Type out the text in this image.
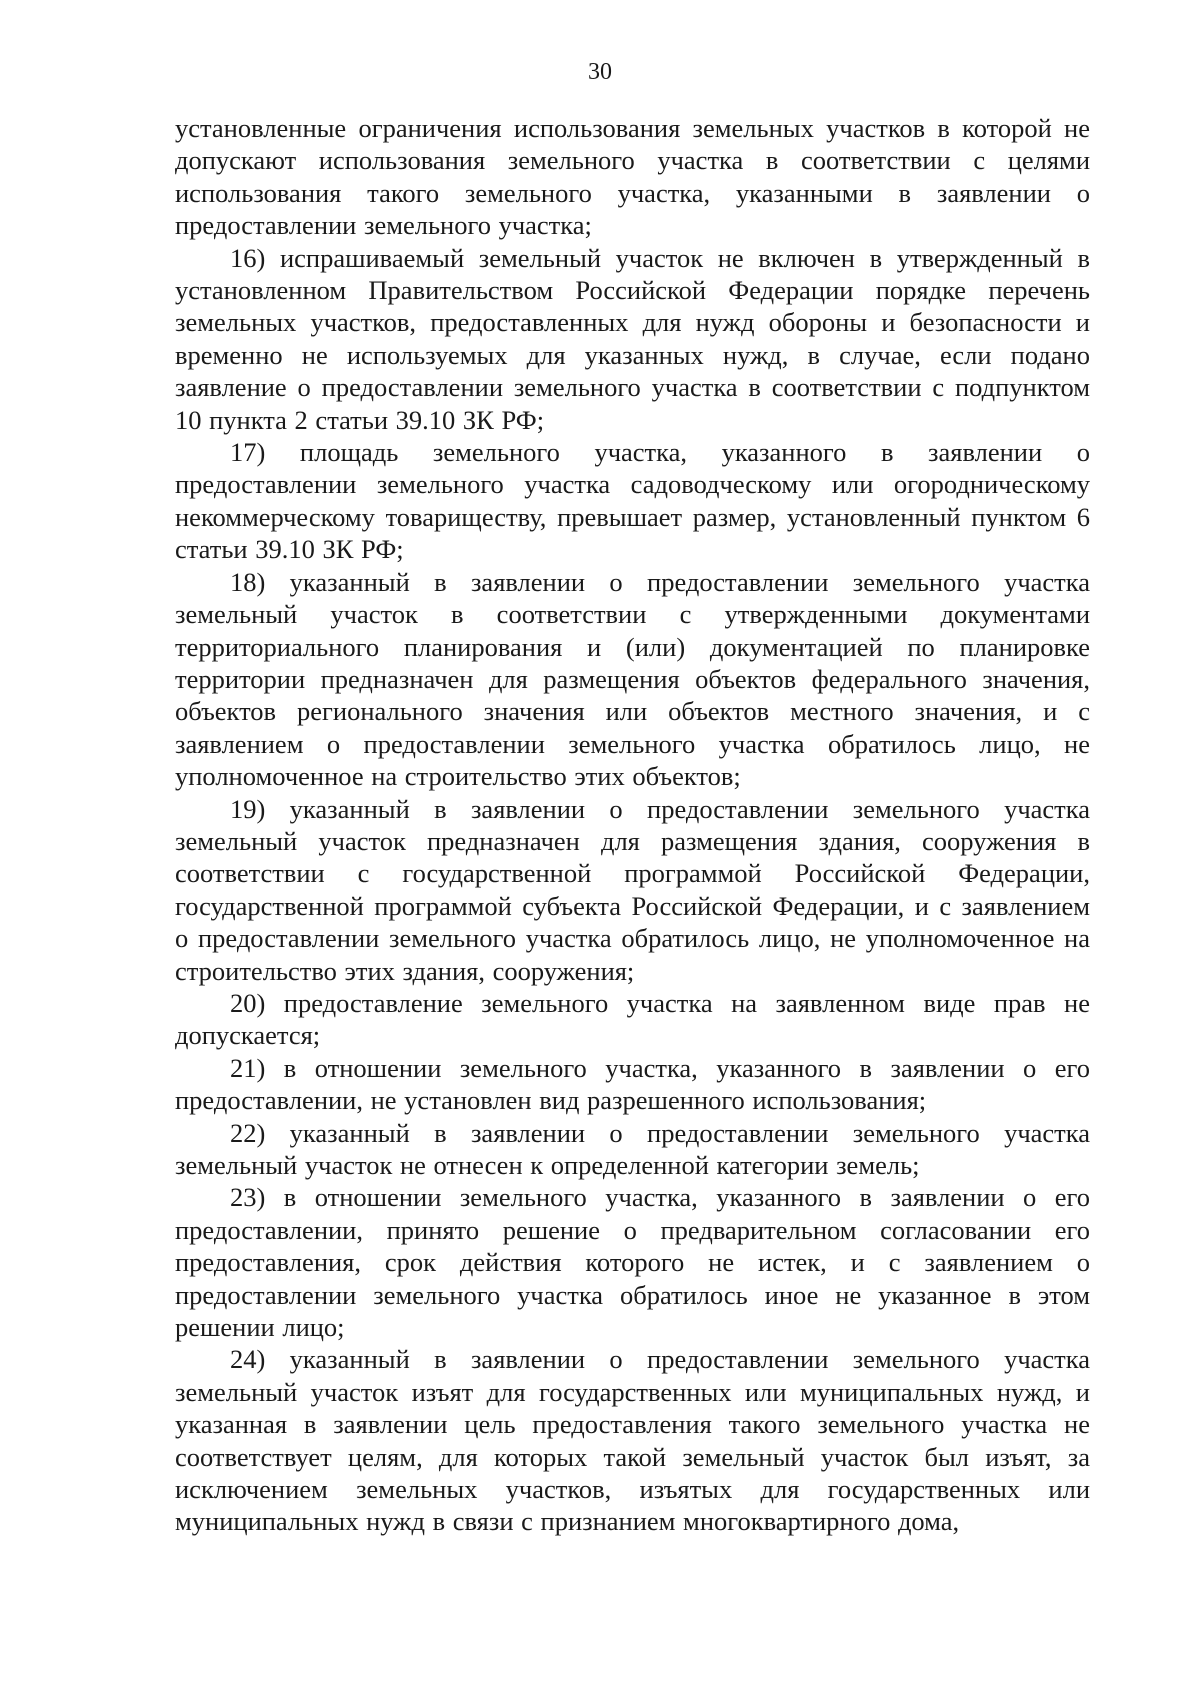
30

установленные ограничения использования земельных участков в которой не допускают использования земельного участка в соответствии с целями использования такого земельного участка, указанными в заявлении о предоставлении земельного участка;

16) испрашиваемый земельный участок не включен в утвержденный в установленном Правительством Российской Федерации порядке перечень земельных участков, предоставленных для нужд обороны и безопасности и временно не используемых для указанных нужд, в случае, если подано заявление о предоставлении земельного участка в соответствии с подпунктом 10 пункта 2 статьи 39.10 ЗК РФ;

17) площадь земельного участка, указанного в заявлении о предоставлении земельного участка садоводческому или огородническому некоммерческому товариществу, превышает размер, установленный пунктом 6 статьи 39.10 ЗК РФ;

18) указанный в заявлении о предоставлении земельного участка земельный участок в соответствии с утвержденными документами территориального планирования и (или) документацией по планировке территории предназначен для размещения объектов федерального значения, объектов регионального значения или объектов местного значения, и с заявлением о предоставлении земельного участка обратилось лицо, не уполномоченное на строительство этих объектов;

19) указанный в заявлении о предоставлении земельного участка земельный участок предназначен для размещения здания, сооружения в соответствии с государственной программой Российской Федерации, государственной программой субъекта Российской Федерации, и с заявлением о предоставлении земельного участка обратилось лицо, не уполномоченное на строительство этих здания, сооружения;

20) предоставление земельного участка на заявленном виде прав не допускается;

21) в отношении земельного участка, указанного в заявлении о его предоставлении, не установлен вид разрешенного использования;

22) указанный в заявлении о предоставлении земельного участка земельный участок не отнесен к определенной категории земель;

23) в отношении земельного участка, указанного в заявлении о его предоставлении, принято решение о предварительном согласовании его предоставления, срок действия которого не истек, и с заявлением о предоставлении земельного участка обратилось иное не указанное в этом решении лицо;

24) указанный в заявлении о предоставлении земельного участка земельный участок изъят для государственных или муниципальных нужд, и указанная в заявлении цель предоставления такого земельного участка не соответствует целям, для которых такой земельный участок был изъят, за исключением земельных участков, изъятых для государственных или муниципальных нужд в связи с признанием многоквартирного дома,
